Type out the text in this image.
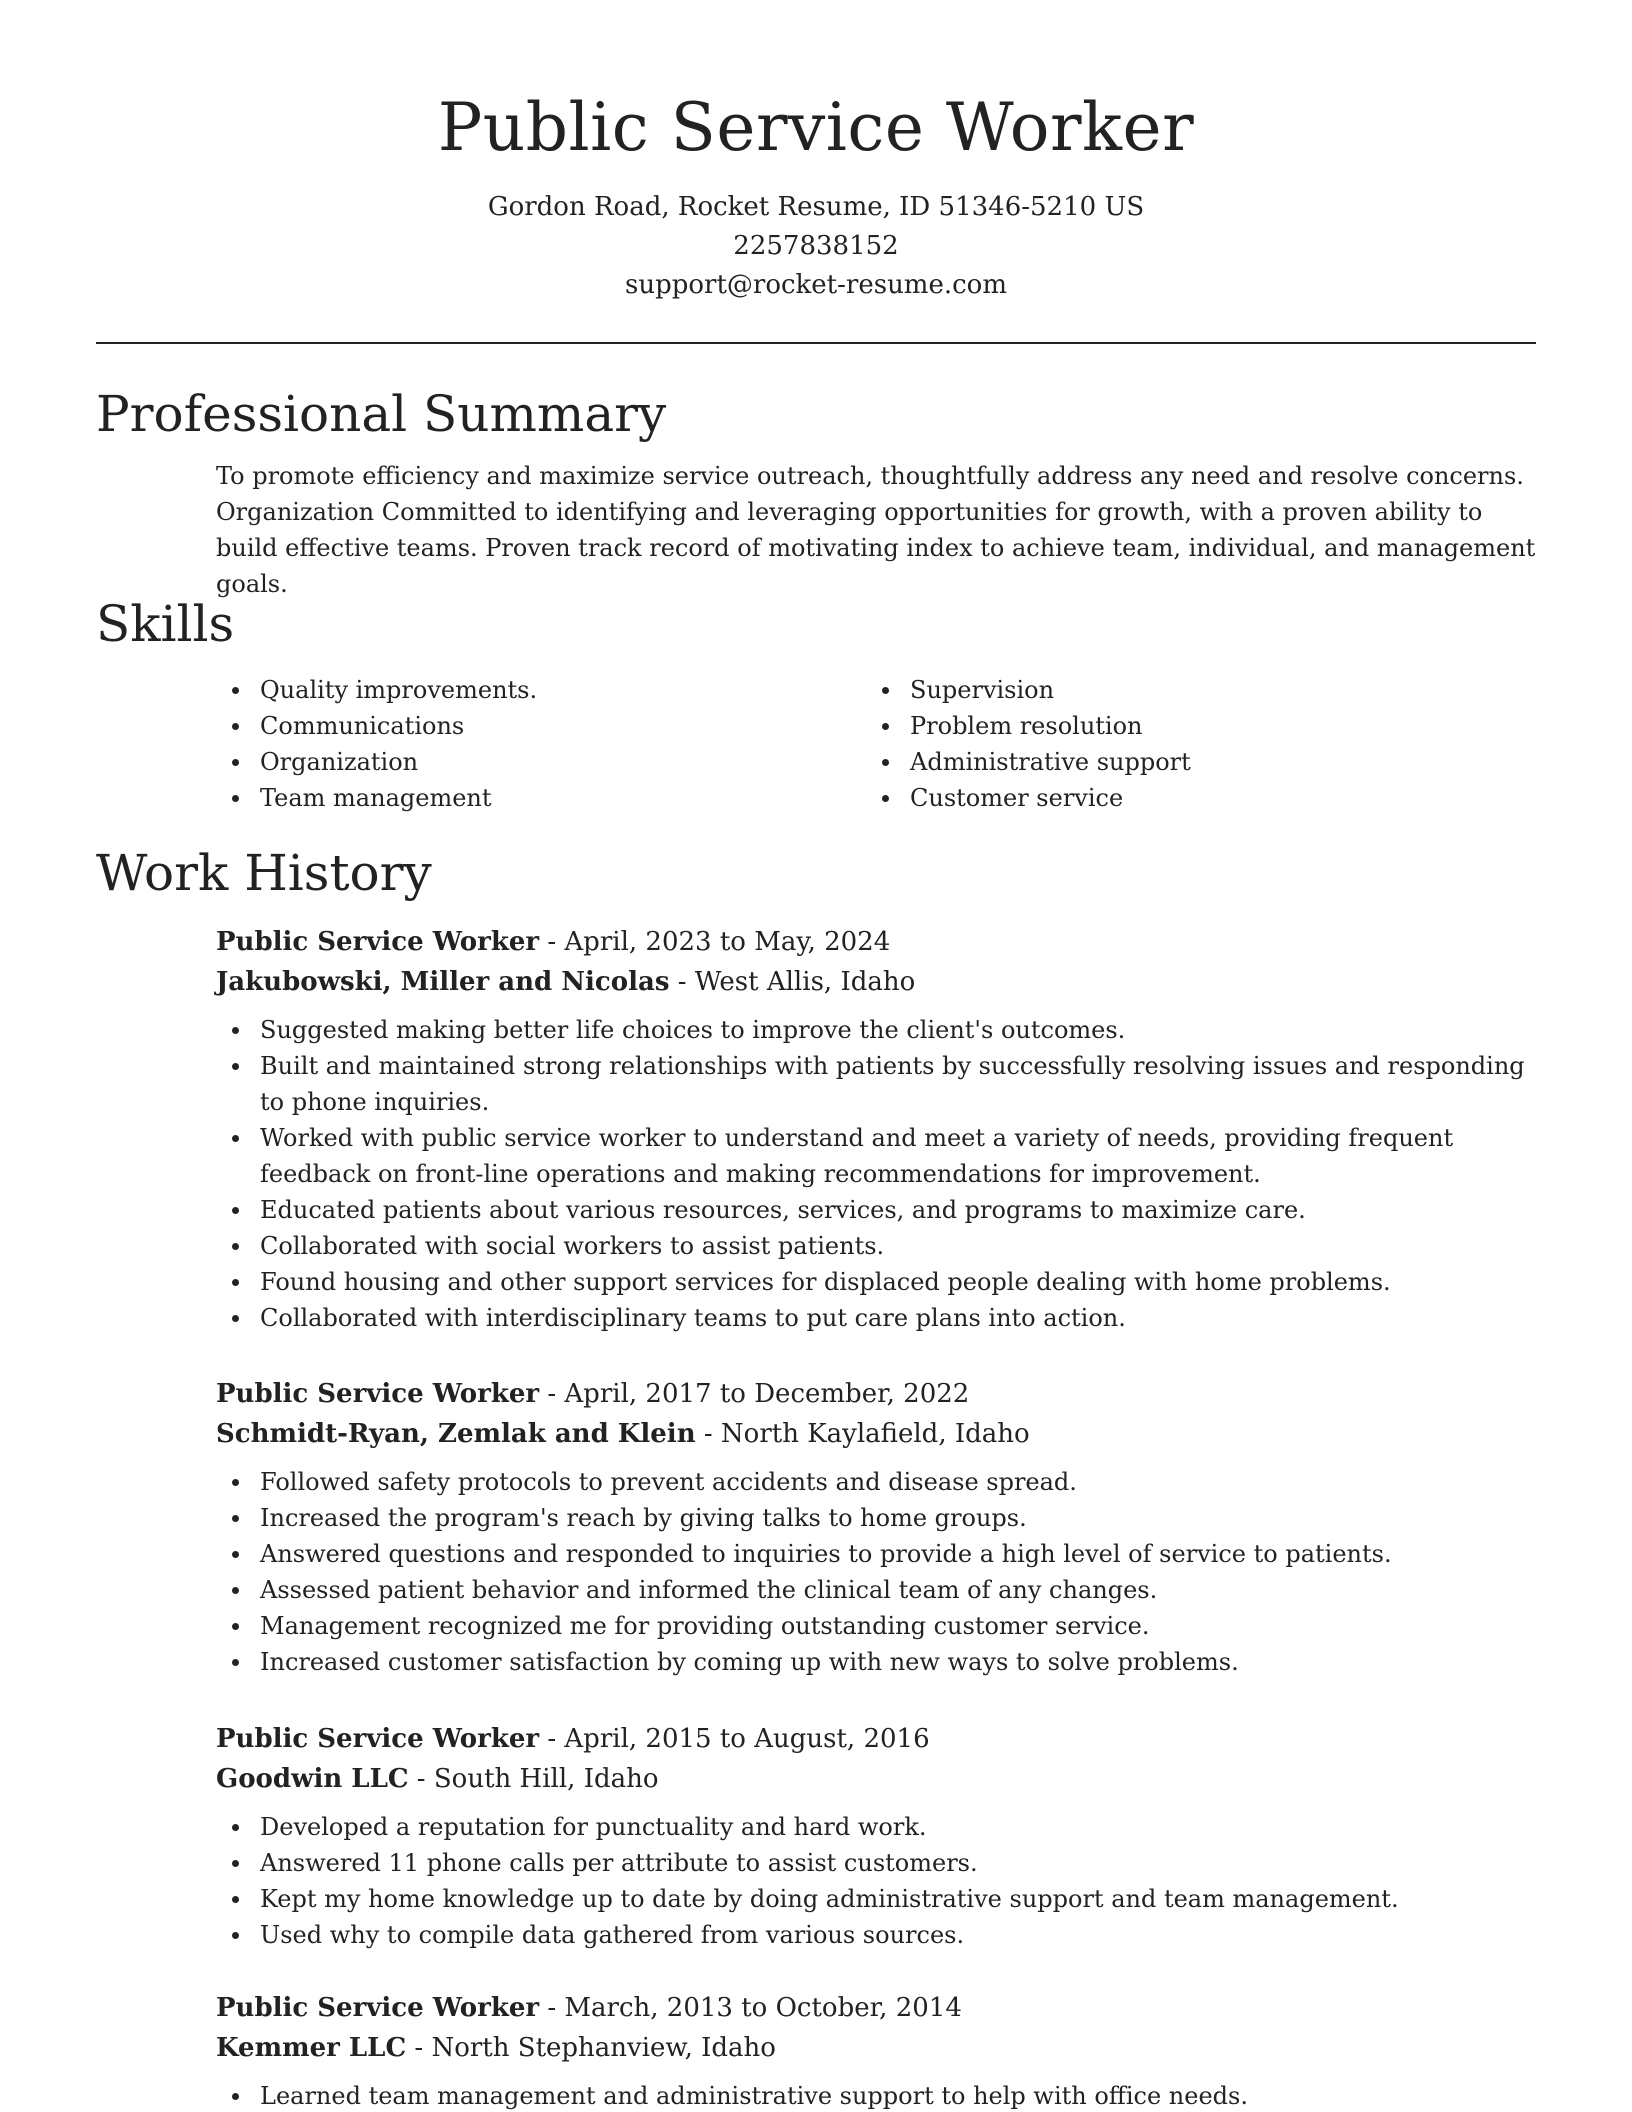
Public Service Worker
Gordon Road, Rocket Resume, ID 51346-5210 US
2257838152
support@rocket-resume.com
Professional Summary

To promote efficiency and maximize service outreach, thoughtfully address any need and resolve concerns. Organization Committed to identifying and leveraging opportunities for growth, with a proven ability to build effective teams. Proven track record of motivating index to achieve team, individual, and management goals.

Skills
Quality improvements.
Communications
Organization
Team management
Supervision
Problem resolution
Administrative support
Customer service
Work History
Public Service Worker - April, 2023 to May, 2024
Jakubowski, Miller and Nicolas - West Allis, Idaho
Suggested making better life choices to improve the client's outcomes.
Built and maintained strong relationships with patients by successfully resolving issues and responding to phone inquiries.
Worked with public service worker to understand and meet a variety of needs, providing frequent feedback on front-line operations and making recommendations for improvement.
Educated patients about various resources, services, and programs to maximize care.
Collaborated with social workers to assist patients.
Found housing and other support services for displaced people dealing with home problems.
Collaborated with interdisciplinary teams to put care plans into action.
Public Service Worker - April, 2017 to December, 2022
Schmidt-Ryan, Zemlak and Klein - North Kaylafield, Idaho
Followed safety protocols to prevent accidents and disease spread.
Increased the program's reach by giving talks to home groups.
Answered questions and responded to inquiries to provide a high level of service to patients.
Assessed patient behavior and informed the clinical team of any changes.
Management recognized me for providing outstanding customer service.
Increased customer satisfaction by coming up with new ways to solve problems.
Public Service Worker - April, 2015 to August, 2016
Goodwin LLC - South Hill, Idaho
Developed a reputation for punctuality and hard work.
Answered 11 phone calls per attribute to assist customers.
Kept my home knowledge up to date by doing administrative support and team management.
Used why to compile data gathered from various sources.
Public Service Worker - March, 2013 to October, 2014
Kemmer LLC - North Stephanview, Idaho
Learned team management and administrative support to help with office needs.
